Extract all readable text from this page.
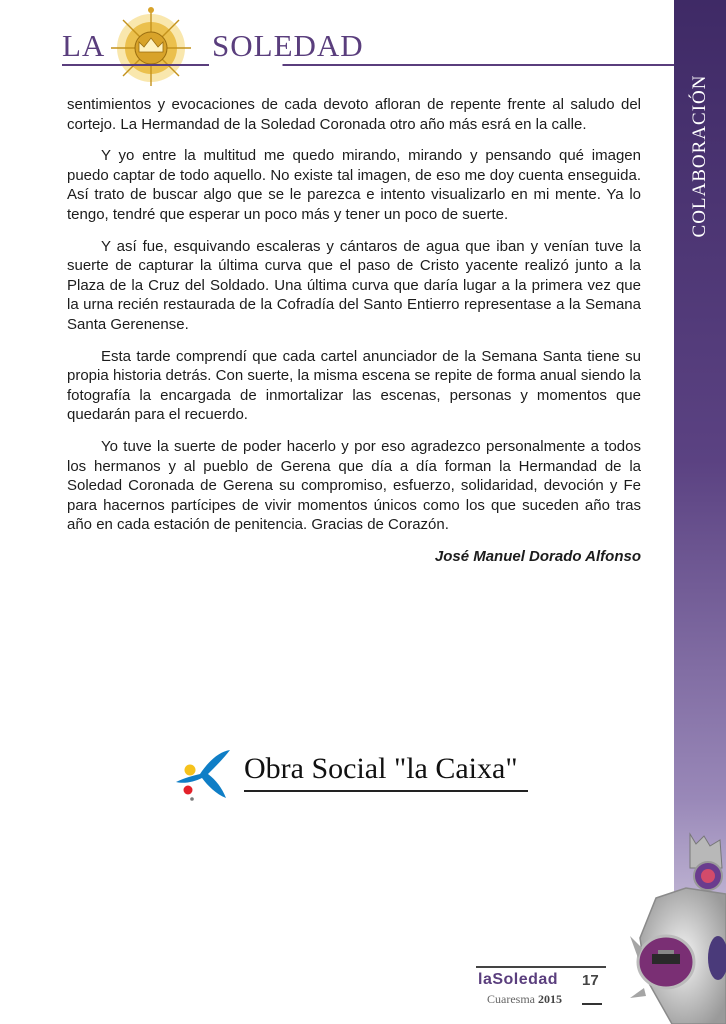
LA	SOLEDAD
COLABORACIÓN

sentimientos y evocaciones de cada devoto afloran de repente frente al saludo del cortejo. La Hermandad de la Soledad Coronada otro año más esrá en la calle.

Y yo entre la multitud me quedo mirando, mirando y pensando qué imagen puedo captar de todo aquello. No existe tal imagen, de eso me doy cuenta enseguida. Así trato de buscar algo que se le parezca e intento visualizarlo en mi mente. Ya lo tengo, tendré que esperar un poco más y tener un poco de suerte.

Y así fue, esquivando escaleras y cántaros de agua que iban y venían tuve la suerte de capturar la última curva que el paso de Cristo yacente realizó junto a la Plaza de la Cruz del Soldado. Una última curva que daría lugar a la primera vez que la urna recién restaurada de la Cofradía del Santo Entierro representase a la Semana Santa Gerenense.

Esta tarde comprendí que cada cartel anunciador de la Semana Santa tiene su propia historia detrás. Con suerte, la misma escena se repite de forma anual siendo la fotografía la encargada de inmortalizar las escenas, personas y momentos que quedarán para el recuerdo.

Yo tuve la suerte de poder hacerlo y por eso agradezco personalmente a todos los hermanos y al pueblo de Gerena que día a día forman la Hermandad de la Soledad Coronada de Gerena su compromiso, esfuerzo, solidaridad, devoción y Fe para hacernos partícipes de vivir momentos únicos como los que suceden año tras año en cada estación de penitencia. Gracias de Corazón.

José Manuel Dorado Alfonso
Obra Social "la Caixa"
laSoledad 17
Cuaresma 2015
